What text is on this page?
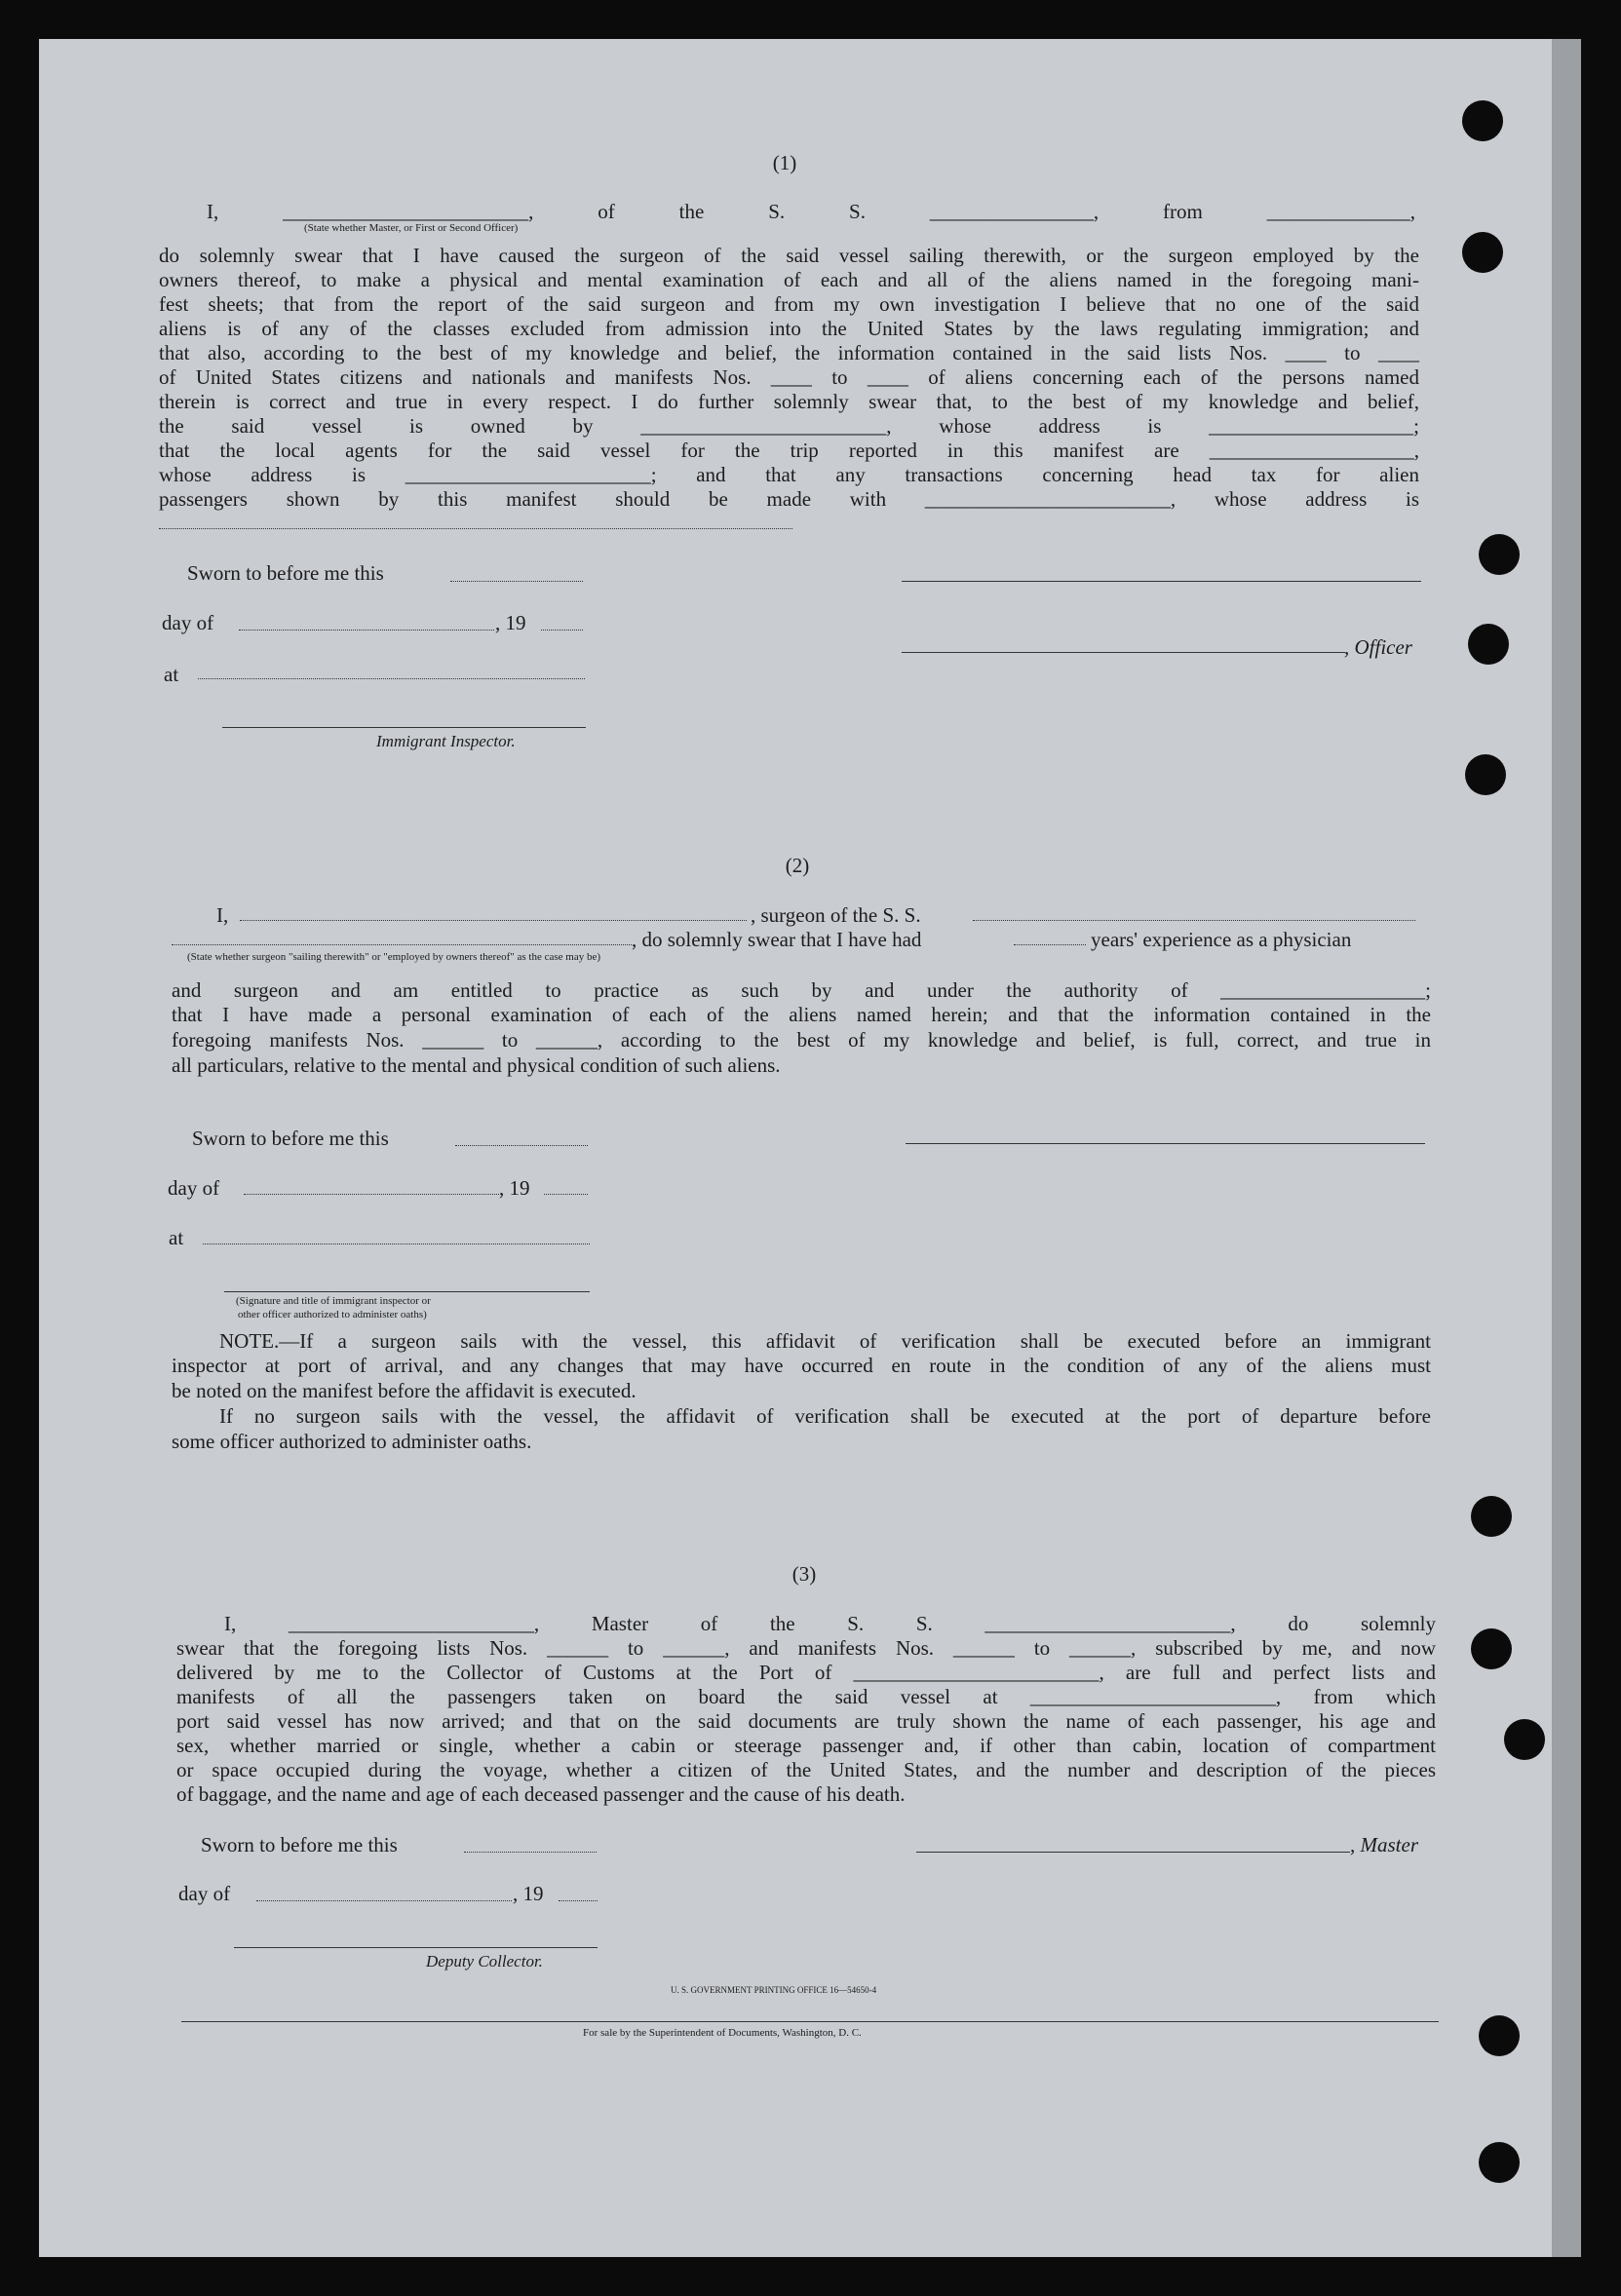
(1)
I, ________________________, of the S. S. ________________, from ______________,
(State whether Master, or First or Second Officer)
do solemnly swear that I have caused the surgeon of the said vessel sailing therewith, or the surgeon employed by the
owners thereof, to make a physical and mental examination of each and all of the aliens named in the foregoing mani-
fest sheets; that from the report of the said surgeon and from my own investigation I believe that no one of the said
aliens is of any of the classes excluded from admission into the United States by the laws regulating immigration; and
that also, according to the best of my knowledge and belief, the information contained in the said lists Nos. ____ to ____
of United States citizens and nationals and manifests Nos. ____ to ____ of aliens concerning each of the persons named
therein is correct and true in every respect. I do further solemnly swear that, to the best of my knowledge and belief,
the said vessel is owned by ________________________, whose address is ____________________;
that the local agents for the said vessel for the trip reported in this manifest are ____________________,
whose address is ________________________; and that any transactions concerning head tax for alien
passengers shown by this manifest should be made with ________________________, whose address is
Sworn to before me this
day of	, 19
, Officer
at
Immigrant Inspector.
(2)
I,	, surgeon of the S. S.
, do solemnly swear that I have had	years' experience as a physician
(State whether surgeon "sailing therewith" or "employed by owners thereof" as the case may be)
and surgeon and am entitled to practice as such by and under the authority of ____________________;
that I have made a personal examination of each of the aliens named herein; and that the information contained in the
foregoing manifests Nos. ______ to ______, according to the best of my knowledge and belief, is full, correct, and true in
all particulars, relative to the mental and physical condition of such aliens.
Sworn to before me this
day of	, 19
at
(Signature and title of immigrant inspector or
other officer authorized to administer oaths)
NOTE.—If a surgeon sails with the vessel, this affidavit of verification shall be executed before an immigrant
inspector at port of arrival, and any changes that may have occurred en route in the condition of any of the aliens must
be noted on the manifest before the affidavit is executed.
If no surgeon sails with the vessel, the affidavit of verification shall be executed at the port of departure before
some officer authorized to administer oaths.
(3)
I, ________________________, Master of the S. S. ________________________, do solemnly
swear that the foregoing lists Nos. ______ to ______, and manifests Nos. ______ to ______, subscribed by me, and now
delivered by me to the Collector of Customs at the Port of ________________________, are full and perfect lists and
manifests of all the passengers taken on board the said vessel at ________________________, from which
port said vessel has now arrived; and that on the said documents are truly shown the name of each passenger, his age and
sex, whether married or single, whether a cabin or steerage passenger and, if other than cabin, location of compartment
or space occupied during the voyage, whether a citizen of the United States, and the number and description of the pieces
of baggage, and the name and age of each deceased passenger and the cause of his death.
Sworn to before me this	, Master
day of	, 19
Deputy Collector.
U. S. GOVERNMENT PRINTING OFFICE 16—54650-4
For sale by the Superintendent of Documents, Washington, D. C.
